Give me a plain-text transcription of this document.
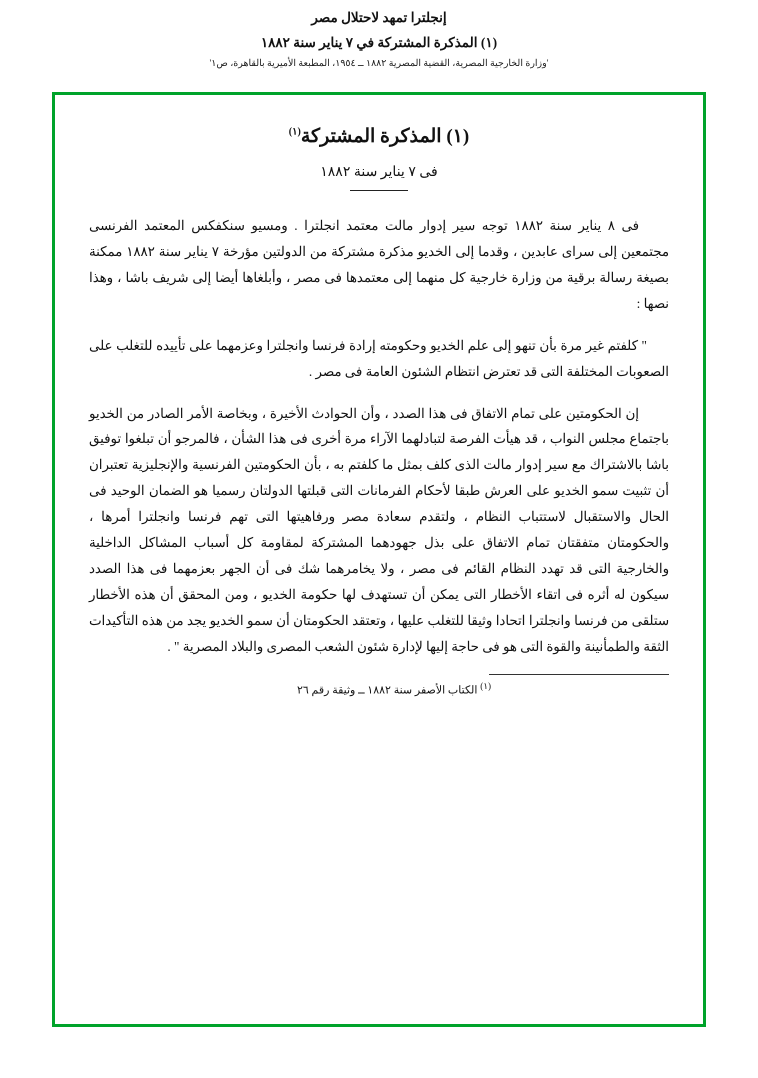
إنجلترا تمهد لاحتلال مصر
(١) المذكرة المشتركة في ٧ يناير سنة ١٨٨٢
'وزارة الخارجية المصرية، القضية المصرية ١٨٨٢ ــ ١٩٥٤، المطبعة الأميرية بالقاهرة، ص١'
(١) المذكرة المشتركة$^{(١)}$
فى ٧ يناير سنة ١٨٨٢

فى ٨ يناير سنة ١٨٨٢ توجه سير إدوار مالت معتمد انجلترا . ومسيو سنكفكس المعتمد الفرنسى مجتمعين إلى سراى عابدين ، وقدما إلى الخديو مذكرة مشتركة من الدولتين مؤرخة ٧ يناير سنة ١٨٨٢ ممكنة بصيغة رسالة برقية من وزارة خارجية كل منهما إلى معتمدها فى مصر ، وأبلغاها أيضا إلى شريف باشا ، وهذا نصها :

" كلفتم غير مرة بأن تنهو إلى علم الخديو وحكومته إرادة فرنسا وانجلترا وعزمهما على تأييده للتغلب على الصعوبات المختلفة التى قد تعترض انتظام الشئون العامة فى مصر .

إن الحكومتين على تمام الاتفاق فى هذا الصدد ، وأن الحوادث الأخيرة ، وبخاصة الأمر الصادر من الخديو باجتماع مجلس النواب ، قد هيأت الفرصة لتبادلهما الآراء مرة أخرى فى هذا الشأن ، فالمرجو أن تبلغوا توفيق باشا بالاشتراك مع سير إدوار مالت الذى كلف بمثل ما كلفتم به ، بأن الحكومتين الفرنسية والإنجليزية تعتبران أن تثبيت سمو الخديو على العرش طبقا لأحكام الفرمانات التى قبلتها الدولتان رسميا هو الضمان الوحيد فى الحال والاستقبال لاستتباب النظام ، ولتقدم سعادة مصر ورفاهيتها التى تهم فرنسا وانجلترا أمرها ، والحكومتان متفقتان تمام الاتفاق على بذل جهودهما المشتركة لمقاومة كل أسباب المشاكل الداخلية والخارجية التى قد تهدد النظام القائم فى مصر ، ولا يخامرهما شك فى أن الجهر بعزمهما فى هذا الصدد سيكون له أثره فى اتقاء الأخطار التى يمكن أن تستهدف لها حكومة الخديو ، ومن المحقق أن هذه الأخطار ستلقى من فرنسا وانجلترا اتحادا وثيقا للتغلب عليها ، وتعتقد الحكومتان أن سمو الخديو يجد من هذه التأكيدات الثقة والطمأنينة والقوة التى هو فى حاجة إليها لإدارة شئون الشعب المصرى والبلاد المصرية " .

$^{(١)}$ الكتاب الأصفر سنة ١٨٨٢ ــ وثيقة رقم ٢٦
